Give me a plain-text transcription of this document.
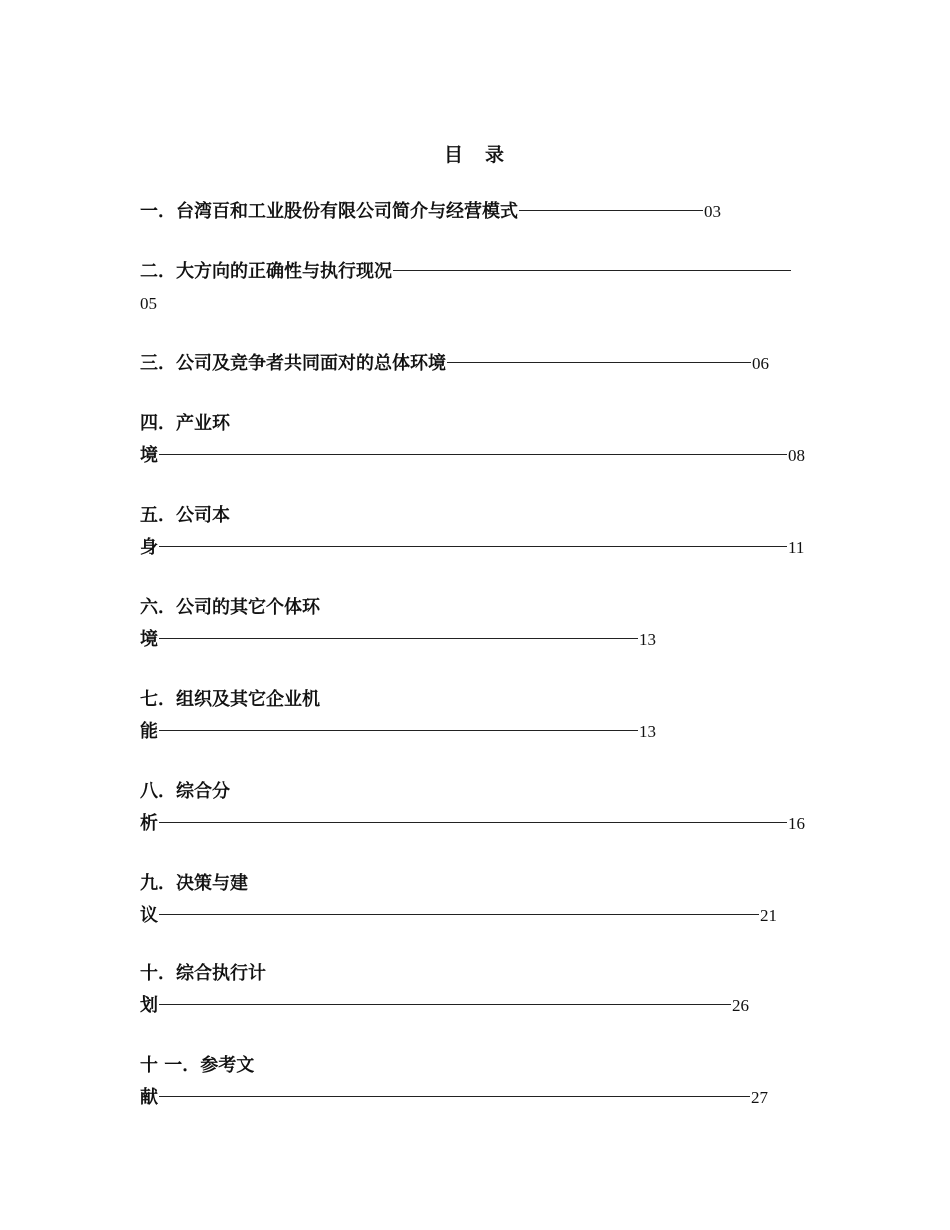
目 录
一．台湾百和工业股份有限公司简介与经营模式	03
二．大方向的正确性与执行现况
05
三．公司及竞争者共同面对的总体环境	06
四．产业环
境	08
五．公司本
身	11
六．公司的其它个体环
境	13
七．组织及其它企业机
能	13
八．综合分
析	16
九．决策与建
议	21
十．综合执行计
划	26
十 一．参考文
献	27
